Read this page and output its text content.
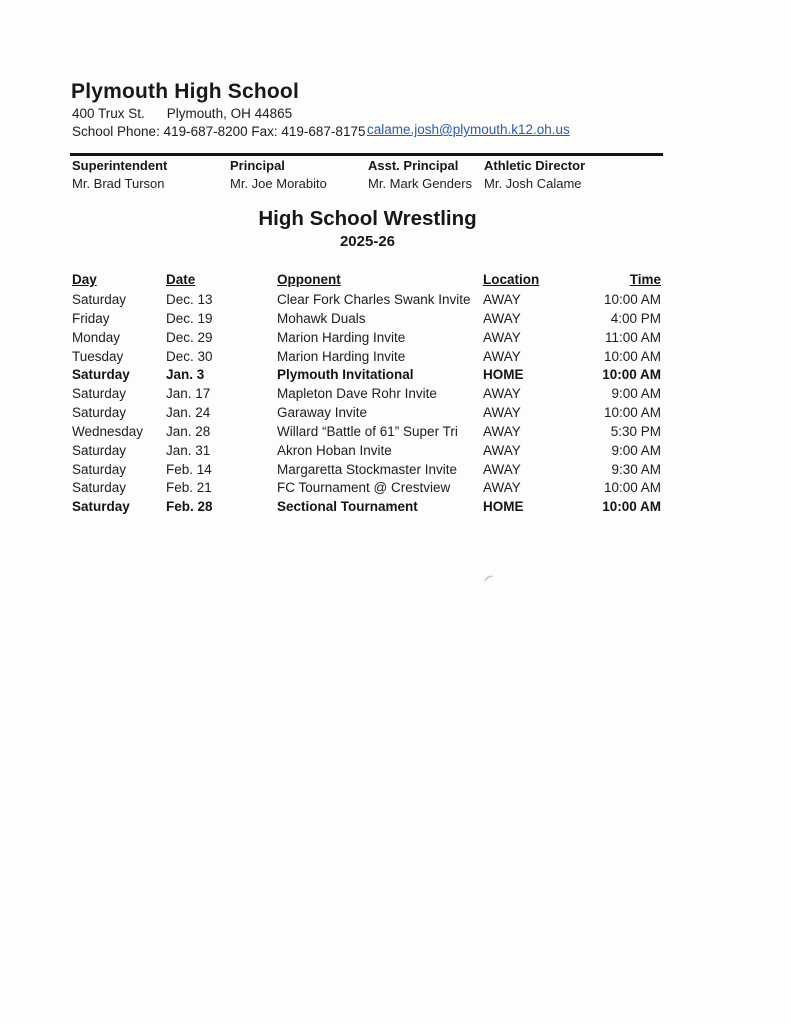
Plymouth High School
400 Trux St. Plymouth, OH 44865
School Phone: 419-687-8200 Fax: 419-687-8175 calame.josh@plymouth.k12.oh.us
Superintendent
Mr. Brad Turson
Principal
Mr. Joe Morabito
Asst. Principal
Mr. Mark Genders
Athletic Director
Mr. Josh Calame
High School Wrestling
2025-26
Day	Date	Opponent	Location	Time
Saturday	Dec. 13	Clear Fork Charles Swank Invite AWAY	10:00 AM
Friday	Dec. 19	Mohawk Duals	AWAY	4:00 PM
Monday	Dec. 29	Marion Harding Invite	AWAY	11:00 AM
Tuesday	Dec. 30	Marion Harding Invite	AWAY	10:00 AM
Saturday	Jan. 3	Plymouth Invitational	HOME	10:00 AM
Saturday	Jan. 17	Mapleton Dave Rohr Invite	AWAY	9:00 AM
Saturday	Jan. 24	Garaway Invite	AWAY	10:00 AM
Wednesday	Jan. 28	Willard “Battle of 61” Super Tri	AWAY	5:30 PM
Saturday	Jan. 31	Akron Hoban Invite	AWAY	9:00 AM
Saturday	Feb. 14	Margaretta Stockmaster Invite	AWAY	9:30 AM
Saturday	Feb. 21	FC Tournament @ Crestview	AWAY	10:00 AM
Saturday	Feb. 28	Sectional Tournament	HOME	10:00 AM
